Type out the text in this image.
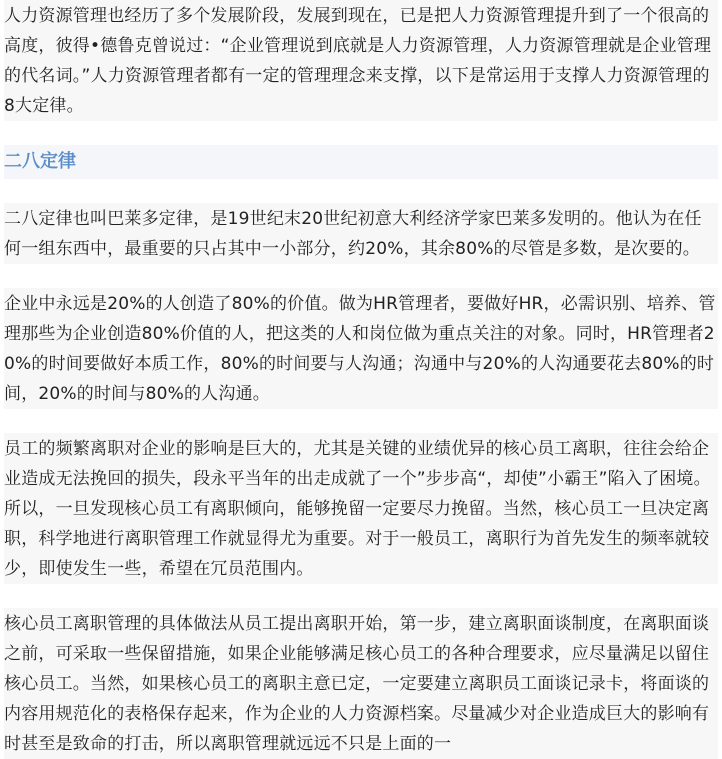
人力资源管理也经历了多个发展阶段，发展到现在，已是把人力资源管理提升到了一个很高的高度，彼得•德鲁克曾说过：“企业管理说到底就是人力资源管理，人力资源管理就是企业管理的代名词。”人力资源管理者都有一定的管理理念来支撑，以下是常运用于支撑人力资源管理的8大定律。

二八定律

二八定律也叫巴莱多定律，是19世纪末20世纪初意大利经济学家巴莱多发明的。他认为在任何一组东西中，最重要的只占其中一小部分，约20%，其余80%的尽管是多数，是次要的。

企业中永远是20%的人创造了80%的价值。做为HR管理者，要做好HR，必需识别、培养、管理那些为企业创造80%价值的人，把这类的人和岗位做为重点关注的对象。同时，HR管理者20%的时间要做好本质工作，80%的时间要与人沟通；沟通中与20%的人沟通要花去80%的时间，20%的时间与80%的人沟通。

员工的频繁离职对企业的影响是巨大的，尤其是关键的业绩优异的核心员工离职，往往会给企业造成无法挽回的损失，段永平当年的出走成就了一个”步步高“，却使”小霸王”陷入了困境。所以，一旦发现核心员工有离职倾向，能够挽留一定要尽力挽留。当然，核心员工一旦决定离职，科学地进行离职管理工作就显得尤为重要。对于一般员工，离职行为首先发生的频率就较少，即使发生一些，希望在冗员范围内。

核心员工离职管理的具体做法从员工提出离职开始，第一步，建立离职面谈制度，在离职面谈之前，可采取一些保留措施，如果企业能够满足核心员工的各种合理要求，应尽量满足以留住核心员工。当然，如果核心员工的离职主意已定，一定要建立离职员工面谈记录卡，将面谈的内容用规范化的表格保存起来，作为企业的人力资源档案。尽量减少对企业造成巨大的影响有时甚至是致命的打击，所以离职管理就远远不只是上面的一
